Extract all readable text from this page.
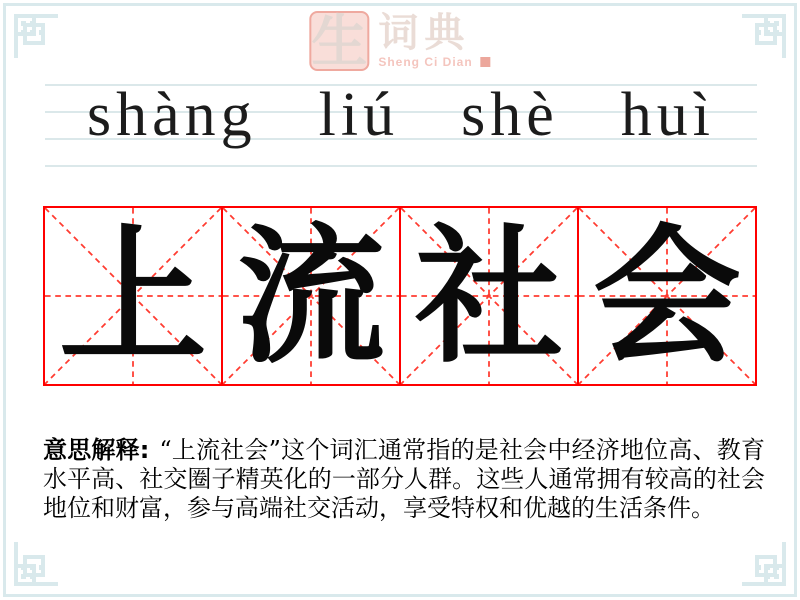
生 词典
Sheng Ci Dian
shàng liú shè huì
上 流 社 会

意思解释: “上流社会”这个词汇通常指的是社会中经济地位高、教育水平高、社交圈子精英化的一部分人群。这些人通常拥有较高的社会地位和财富，参与高端社交活动，享受特权和优越的生活条件。
